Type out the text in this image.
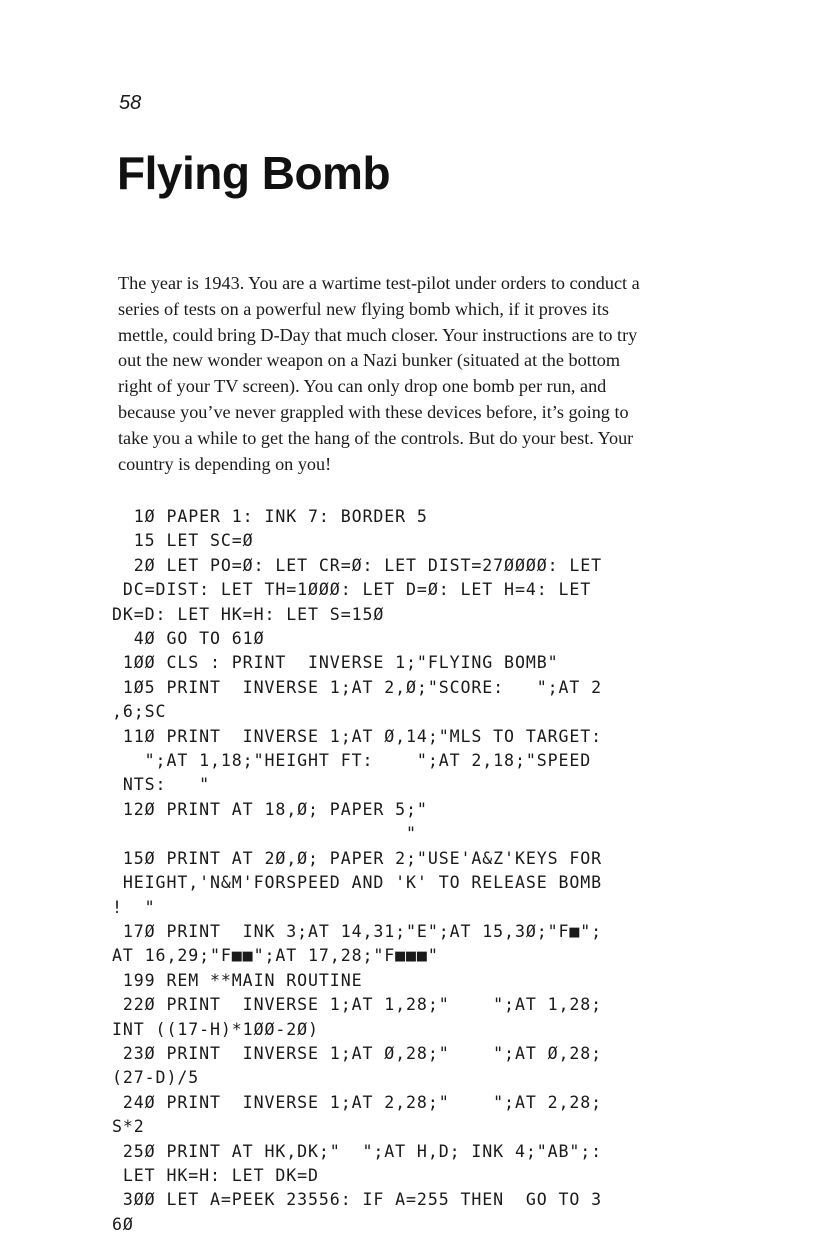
58
Flying Bomb
The year is 1943. You are a wartime test-pilot under orders to conduct a
series of tests on a powerful new flying bomb which, if it proves its
mettle, could bring D-Day that much closer. Your instructions are to try
out the new wonder weapon on a Nazi bunker (situated at the bottom
right of your TV screen). You can only drop one bomb per run, and
because you’ve never grappled with these devices before, it’s going to
take you a while to get the hang of the controls. But do your best. Your
country is depending on you!
1Ø PAPER 1: INK 7: BORDER 5
15 LET SC=Ø
2Ø LET PO=Ø: LET CR=Ø: LET DIST=27ØØØØ: LET
DC=DIST: LET TH=1ØØØ: LET D=Ø: LET H=4: LET
DK=D: LET HK=H: LET S=15Ø
4Ø GO TO 61Ø
1ØØ CLS : PRINT  INVERSE 1;"FLYING BOMB"
1Ø5 PRINT  INVERSE 1;AT 2,Ø;"SCORE:   ";AT 2
,6;SC
11Ø PRINT  INVERSE 1;AT Ø,14;"MLS TO TARGET:
";AT 1,18;"HEIGHT FT:    ";AT 2,18;"SPEED
NTS:   "
12Ø PRINT AT 18,Ø; PAPER 5;"
"
15Ø PRINT AT 2Ø,Ø; PAPER 2;"USE'A&Z'KEYS FOR
HEIGHT,'N&M'FORSPEED AND 'K' TO RELEASE BOMB
!  "
17Ø PRINT  INK 3;AT 14,31;"E";AT 15,3Ø;"F■";
AT 16,29;"F■■";AT 17,28;"F■■■"
199 REM **MAIN ROUTINE
22Ø PRINT  INVERSE 1;AT 1,28;"    ";AT 1,28;
INT ((17-H)*1ØØ-2Ø)
23Ø PRINT  INVERSE 1;AT Ø,28;"    ";AT Ø,28;
(27-D)/5
24Ø PRINT  INVERSE 1;AT 2,28;"    ";AT 2,28;
S*2
25Ø PRINT AT HK,DK;"  ";AT H,D; INK 4;"AB";:
LET HK=H: LET DK=D
3ØØ LET A=PEEK 23556: IF A=255 THEN  GO TO 3
6Ø
